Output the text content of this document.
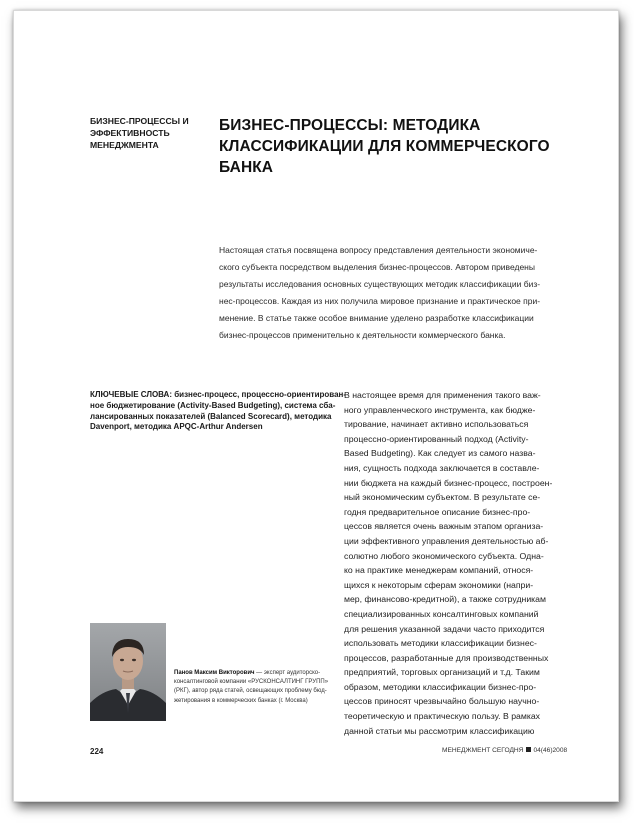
БИЗНЕС-ПРОЦЕССЫ И
ЭФФЕКТИВНОСТЬ
МЕНЕДЖМЕНТА
БИЗНЕС-ПРОЦЕССЫ: МЕТОДИКА
КЛАССИФИКАЦИИ ДЛЯ КОММЕРЧЕСКОГО
БАНКА
Настоящая статья посвящена вопросу представления деятельности экономиче-
ского субъекта посредством выделения бизнес-процессов. Автором приведены
результаты исследования основных существующих методик классификации биз-
нес-процессов. Каждая из них получила мировое признание и практическое при-
менение. В статье также особое внимание уделено разработке классификации
бизнес-процессов применительно к деятельности коммерческого банка.
КЛЮЧЕВЫЕ СЛОВА: бизнес-процесс, процессно-ориентирован-
ное бюджетирование (Activity-Based Budgeting), система сба-
лансированных показателей (Balanced Scorecard), методика
Davenport, методика APQC-Arthur Andersen
В настоящее время для применения такого важ-
ного управленческого инструмента, как бюдже-
тирование, начинает активно использоваться
процессно-ориентированный подход (Activity-
Based Budgeting). Как следует из самого назва-
ния, сущность подхода заключается в составле-
нии бюджета на каждый бизнес-процесс, построен-
ный экономическим субъектом. В результате се-
годня предварительное описание бизнес-про-
цессов является очень важным этапом организа-
ции эффективного управления деятельностью аб-
солютно любого экономического субъекта. Одна-
ко на практике менеджерам компаний, относя-
щихся к некоторым сферам экономики (напри-
мер, финансово-кредитной), а также сотрудникам
специализированных консалтинговых компаний
для решения указанной задачи часто приходится
использовать методики классификации бизнес-
процессов, разработанные для производственных
предприятий, торговых организаций и т.д. Таким
образом, методики классификации бизнес-про-
цессов приносят чрезвычайно большую научно-
теоретическую и практическую пользу. В рамках
данной статьи мы рассмотрим классификацию
Панов Максим Викторович — эксперт аудиторско-
консалтинговой компании «РУСКОНСАЛТИНГ ГРУПП»
(РКГ), автор ряда статей, освещающих проблему бюд-
жетирования в коммерческих банках (г. Москва)
224	МЕНЕДЖМЕНТ СЕГОДНЯ 04(46)2008
